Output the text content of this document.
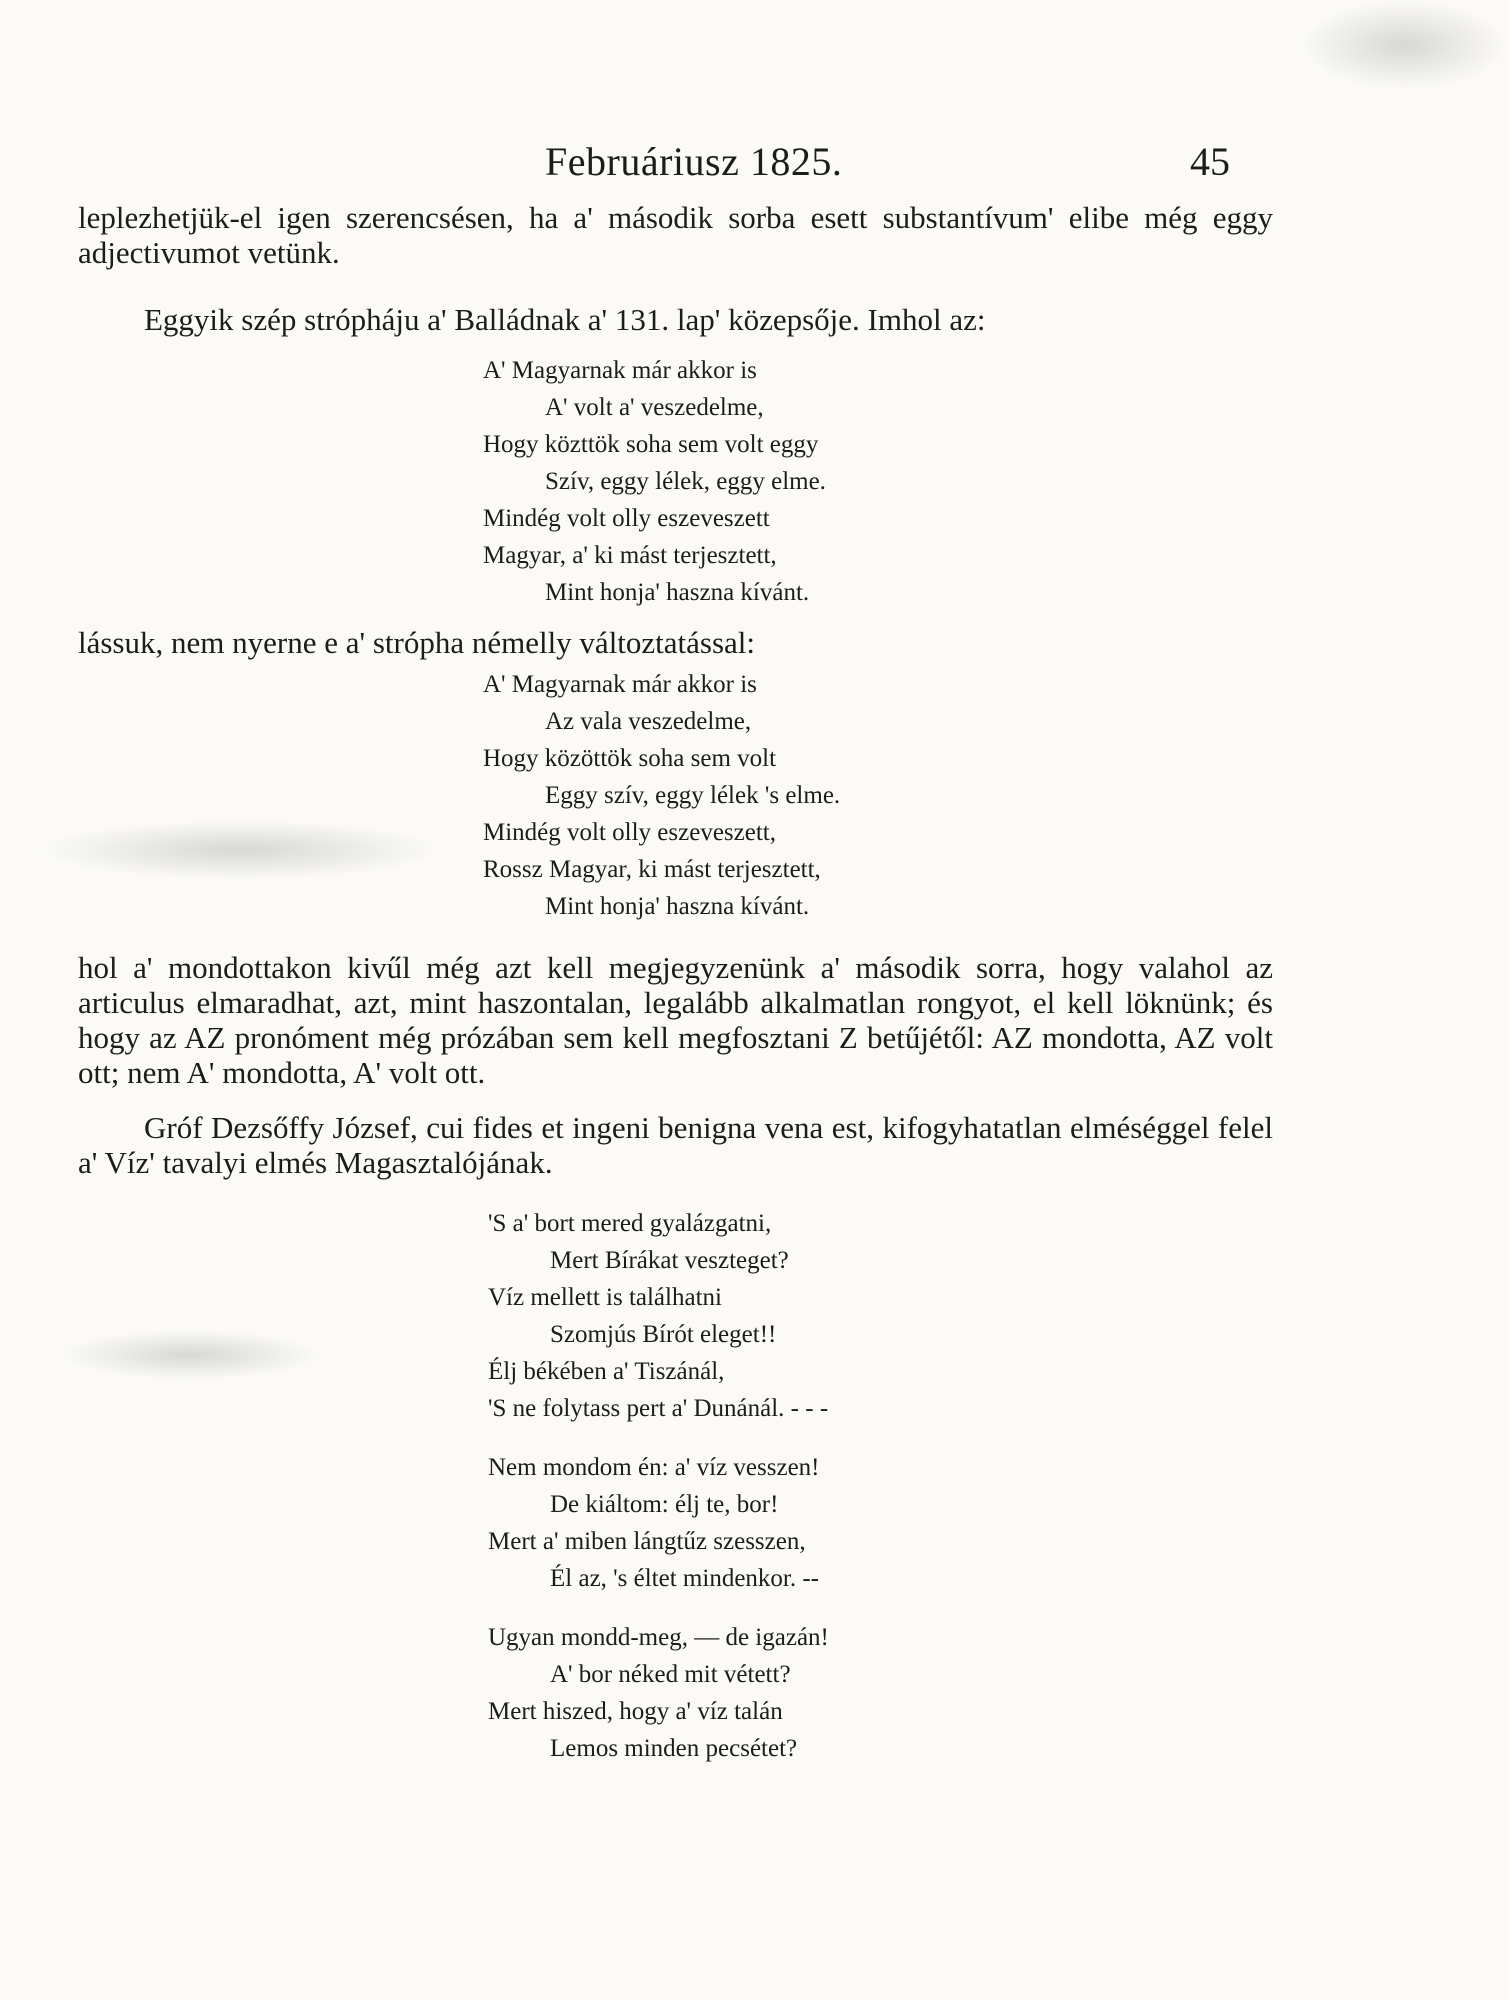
Februáriusz 1825.	45

leplezhetjük-el igen szerencsésen, ha a' második sorba esett substantívum' elibe még eggy adjectivumot vetünk.

Eggyik szép strópháju a' Balládnak a' 131. lap' közepsője. Imhol az:

A' Magyarnak már akkor is
A' volt a' veszedelme,
Hogy közttök soha sem volt eggy
Szív, eggy lélek, eggy elme.
Mindég volt olly eszeveszett
Magyar, a' ki mást terjesztett,
Mint honja' haszna kívánt.

lássuk, nem nyerne e a' strópha némelly változtatással:

A' Magyarnak már akkor is
Az vala veszedelme,
Hogy közöttök soha sem volt
Eggy szív, eggy lélek 's elme.
Mindég volt olly eszeveszett,
Rossz Magyar, ki mást terjesztett,
Mint honja' haszna kívánt.

hol a' mondottakon kivűl még azt kell megjegyzenünk a' második sorra, hogy valahol az articulus elmaradhat, azt, mint haszontalan, legalább alkalmatlan rongyot, el kell löknünk; és hogy az AZ pronóment még prózában sem kell megfosztani Z betűjétől: AZ mondotta, AZ volt ott; nem A' mondotta, A' volt ott.

Gróf Dezsőffy József, cui fides et ingeni benigna vena est, kifogyhatatlan elméséggel felel a' Víz' tavalyi elmés Magasztalójának.

'S a' bort mered gyalázgatni,
Mert Bírákat veszteget?
Víz mellett is találhatni
Szomjús Bírót eleget!!
Élj békében a' Tiszánál,
'S ne folytass pert a' Dunánál. - - -
Nem mondom én: a' víz vesszen!
De kiáltom: élj te, bor!
Mert a' miben lángtűz szesszen,
Él az, 's éltet mindenkor. --
Ugyan mondd-meg, — de igazán!
A' bor néked mit vétett?
Mert hiszed, hogy a' víz talán
Lemos minden pecsétet?
